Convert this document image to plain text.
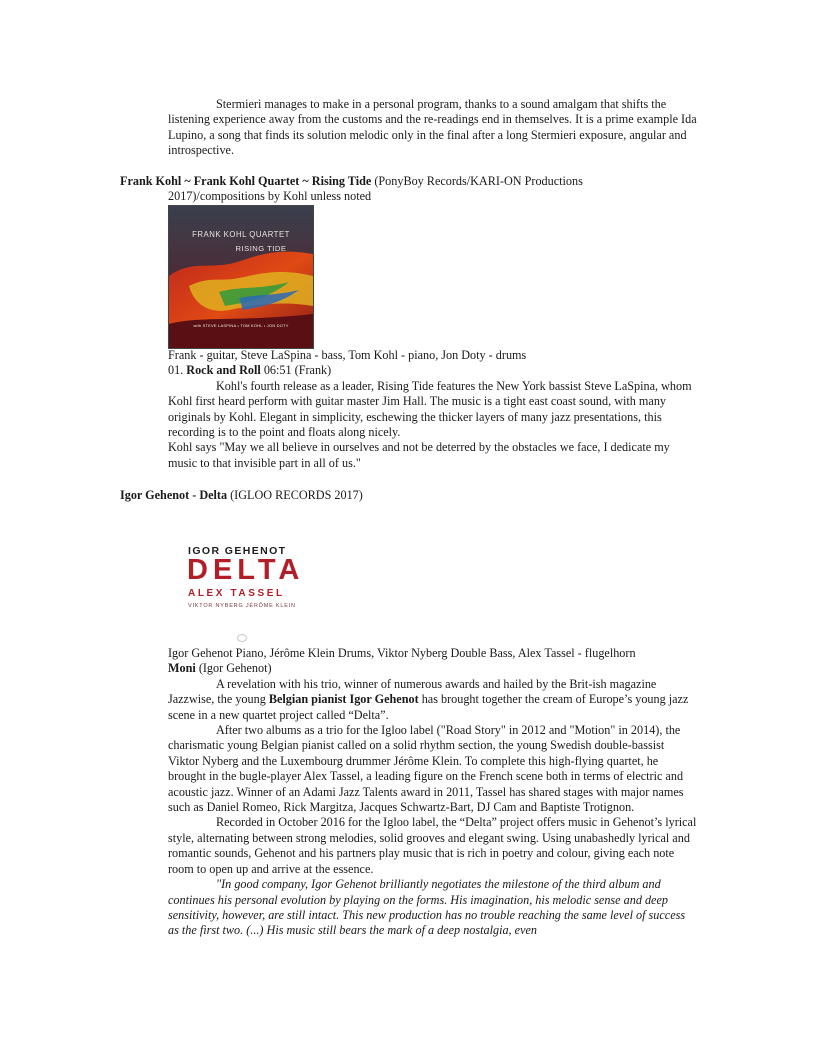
Stermieri manages to make in a personal program, thanks to a sound amalgam that shifts the listening experience away from the customs and the re-readings end in themselves. It is a prime example Ida Lupino, a song that finds its solution melodic only in the final after a long Stermieri exposure, angular and introspective.

Frank Kohl ~ Frank Kohl Quartet ~ Rising Tide (PonyBoy Records/KARI-ON Productions
2017)/compositions by Kohl unless noted
FRANK KOHL QUARTET
RISING TIDE
with STEVE LASPINA • TOM KOHL • JON DOTY

Frank - guitar, Steve LaSpina - bass, Tom Kohl - piano, Jon Doty - drums

01. Rock and Roll 06:51 (Frank)

Kohl's fourth release as a leader, Rising Tide features the New York bassist Steve LaSpina, whom Kohl first heard perform with guitar master Jim Hall. The music is a tight east coast sound, with many originals by Kohl. Elegant in simplicity, eschewing the thicker layers of many jazz presentations, this recording is to the point and floats along nicely.

Kohl says "May we all believe in ourselves and not be deterred by the obstacles we face, I dedicate my music to that invisible part in all of us."

Igor Gehenot - Delta (IGLOO RECORDS 2017)
IGOR GEHENOT
DELTA
ALEX TASSEL
VIKTOR NYBERG JÉRÔME KLEIN

Igor Gehenot Piano, Jérôme Klein Drums, Viktor Nyberg Double Bass, Alex Tassel - flugelhorn

Moni (Igor Gehenot)

A revelation with his trio, winner of numerous awards and hailed by the Brit-ish magazine Jazzwise, the young Belgian pianist Igor Gehenot has brought together the cream of Europe’s young jazz scene in a new quartet project called “Delta”.

After two albums as a trio for the Igloo label ("Road Story" in 2012 and "Motion" in 2014), the charismatic young Belgian pianist called on a solid rhythm section, the young Swedish double-bassist Viktor Nyberg and the Luxembourg drummer Jérôme Klein. To complete this high-flying quartet, he brought in the bugle-player Alex Tassel, a leading figure on the French scene both in terms of electric and acoustic jazz. Winner of an Adami Jazz Talents award in 2011, Tassel has shared stages with major names such as Daniel Romeo, Rick Margitza, Jacques Schwartz-Bart, DJ Cam and Baptiste Trotignon.

Recorded in October 2016 for the Igloo label, the “Delta” project offers music in Gehenot’s lyrical style, alternating between strong melodies, solid grooves and elegant swing. Using unabashedly lyrical and romantic sounds, Gehenot and his partners play music that is rich in poetry and colour, giving each note room to open up and arrive at the essence.

"In good company, Igor Gehenot brilliantly negotiates the milestone of the third album and continues his personal evolution by playing on the forms. His imagination, his melodic sense and deep sensitivity, however, are still intact. This new production has no trouble reaching the same level of success as the first two. (...) His music still bears the mark of a deep nostalgia, even
